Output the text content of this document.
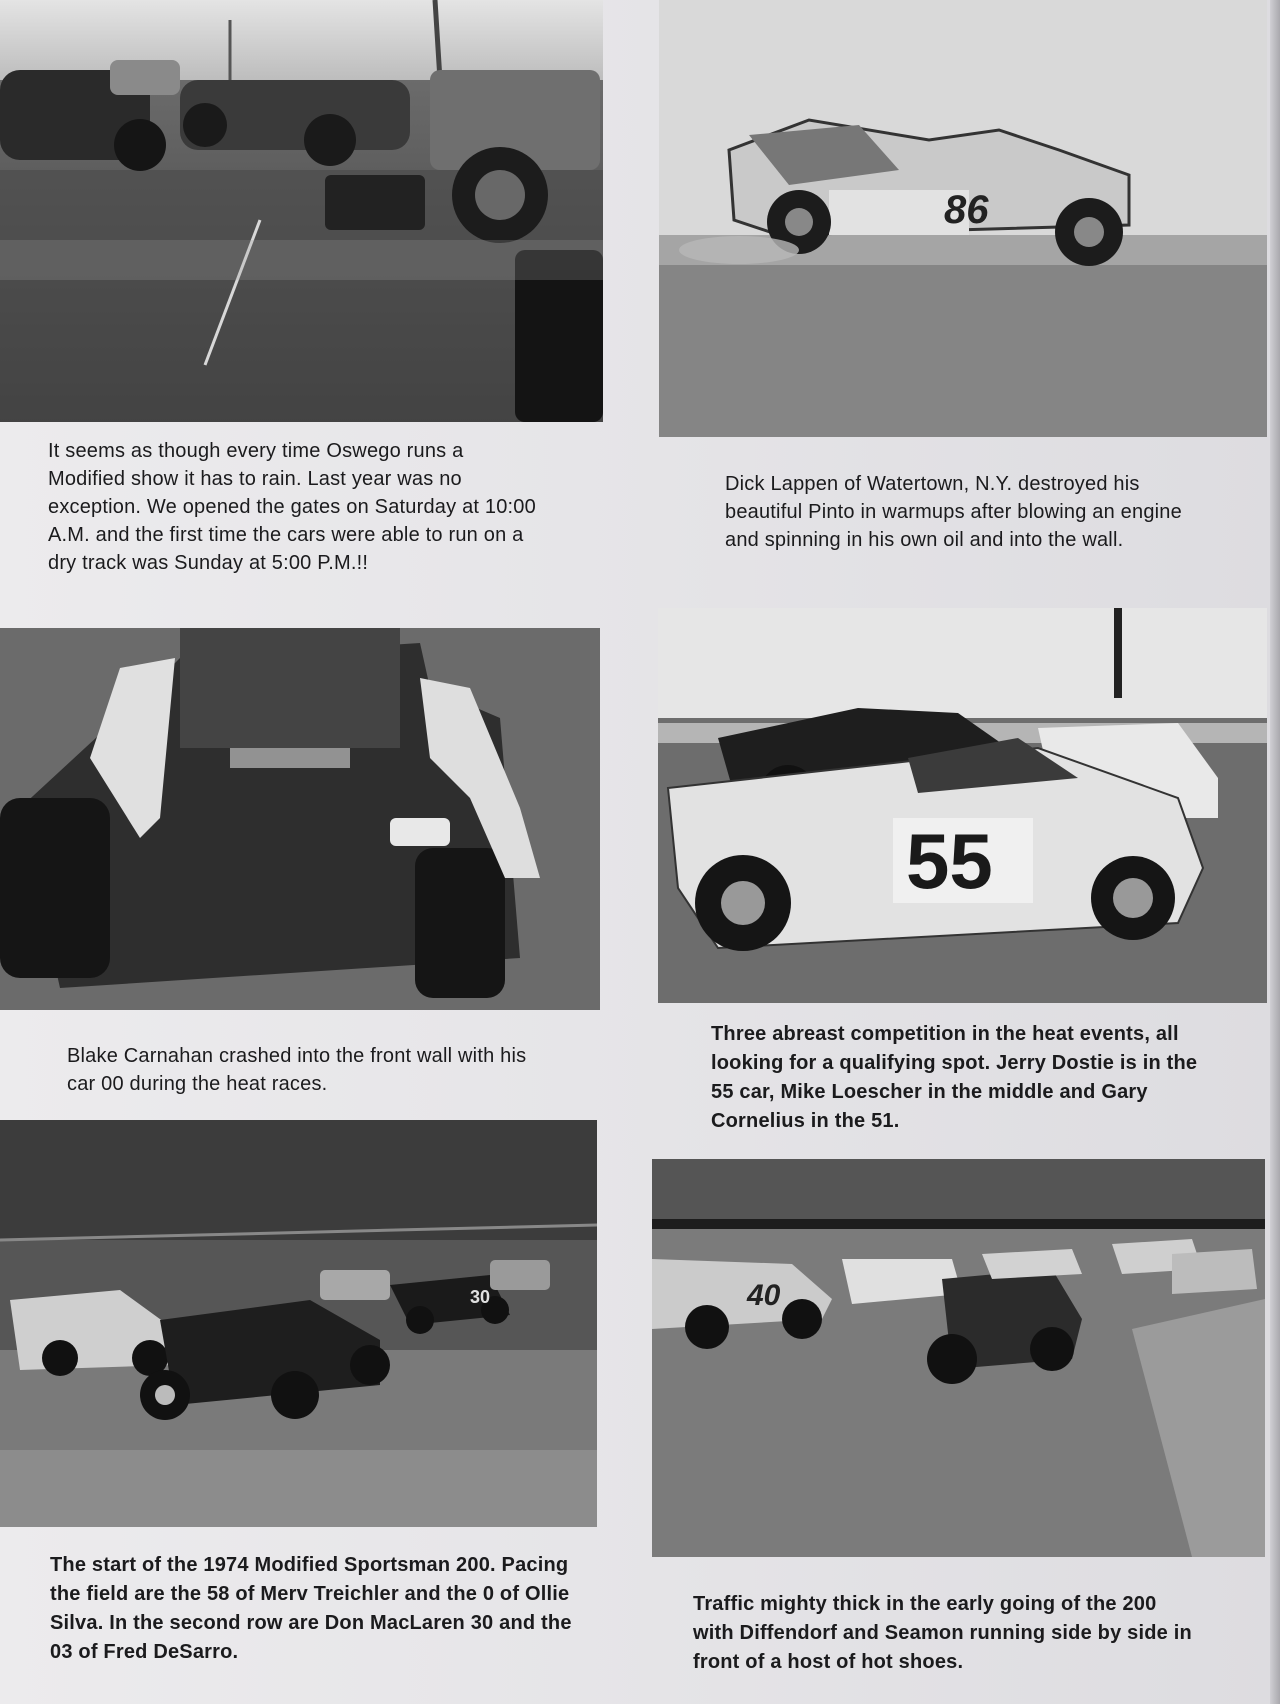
It seems as though every time Oswego runs a Modified show it has to rain. Last year was no exception. We opened the gates on Saturday at 10:00 A.M. and the first time the cars were able to run on a dry track was Sunday at 5:00 P.M.!!

86

Dick Lappen of Watertown, N.Y. destroyed his beautiful Pinto in warmups after blowing an engine and spinning in his own oil and into the wall.

Blake Carnahan crashed into the front wall with his car 00 during the heat races.

55

Three abreast competition in the heat events, all looking for a qualifying spot. Jerry Dostie is in the 55 car, Mike Loescher in the middle and Gary Cornelius in the 51.

30

The start of the 1974 Modified Sportsman 200. Pacing the field are the 58 of Merv Treichler and the 0 of Ollie Silva. In the second row are Don MacLaren 30 and the 03 of Fred DeSarro.

40

Traffic mighty thick in the early going of the 200 with Diffendorf and Seamon running side by side in front of a host of hot shoes.
